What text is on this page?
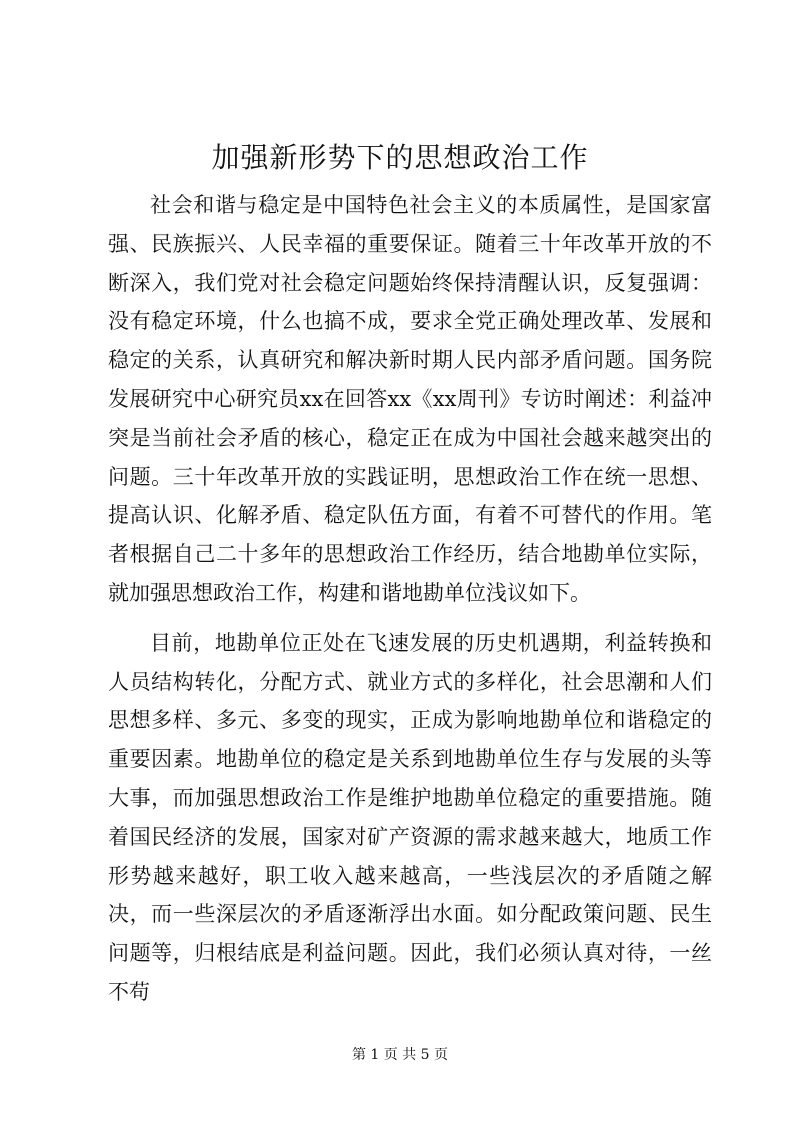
加强新形势下的思想政治工作

社会和谐与稳定是中国特色社会主义的本质属性，是国家富强、民族振兴、人民幸福的重要保证。随着三十年改革开放的不断深入，我们党对社会稳定问题始终保持清醒认识，反复强调：没有稳定环境，什么也搞不成，要求全党正确处理改革、发展和稳定的关系，认真研究和解决新时期人民内部矛盾问题。国务院发展研究中心研究员xx在回答xx《xx周刊》专访时阐述：利益冲突是当前社会矛盾的核心，稳定正在成为中国社会越来越突出的问题。三十年改革开放的实践证明，思想政治工作在统一思想、提高认识、化解矛盾、稳定队伍方面，有着不可替代的作用。笔者根据自己二十多年的思想政治工作经历，结合地勘单位实际，就加强思想政治工作，构建和谐地勘单位浅议如下。

目前，地勘单位正处在飞速发展的历史机遇期，利益转换和人员结构转化，分配方式、就业方式的多样化，社会思潮和人们思想多样、多元、多变的现实，正成为影响地勘单位和谐稳定的重要因素。地勘单位的稳定是关系到地勘单位生存与发展的头等大事，而加强思想政治工作是维护地勘单位稳定的重要措施。随着国民经济的发展，国家对矿产资源的需求越来越大，地质工作形势越来越好，职工收入越来越高，一些浅层次的矛盾随之解决，而一些深层次的矛盾逐渐浮出水面。如分配政策问题、民生问题等，归根结底是利益问题。因此，我们必须认真对待，一丝不苟

第 1 页 共 5 页
